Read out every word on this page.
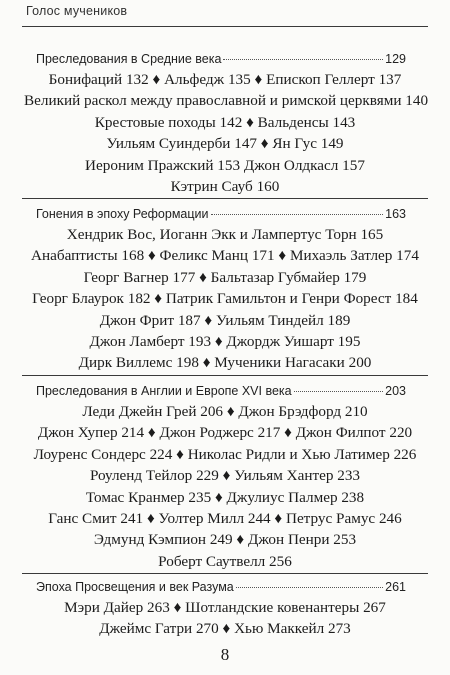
Голос мучеников
Преследования в Средние века	129
Бонифаций 132 ♦ Альфедж 135 ♦ Епископ Геллерт 137
Великий раскол между православной и римской церквями 140
Крестовые походы 142 ♦ Вальденсы 143
Уильям Суиндерби 147 ♦ Ян Гус 149
Иероним Пражский 153 Джон Олдкасл 157
Кэтрин Сауб 160
Гонения в эпоху Реформации	163
Хендрик Вос, Иоганн Экк и Лампертус Торн 165
Анабаптисты 168 ♦ Феликс Манц 171 ♦ Михаэль Затлер 174
Георг Вагнер 177 ♦ Бальтазар Губмайер 179
Георг Блаурок 182 ♦ Патрик Гамильтон и Генри Форест 184
Джон Фрит 187 ♦ Уильям Тиндейл 189
Джон Ламберт 193 ♦ Джордж Уишарт 195
Дирк Виллемс 198 ♦ Мученики Нагасаки 200
Преследования в Англии и Европе XVI века	203
Леди Джейн Грей 206 ♦ Джон Брэдфорд 210
Джон Хупер 214 ♦ Джон Роджерс 217 ♦ Джон Филпот 220
Лоуренс Сондерс 224 ♦ Николас Ридли и Хью Латимер 226
Роуленд Тейлор 229 ♦ Уильям Хантер 233
Томас Кранмер 235 ♦ Джулиус Палмер 238
Ганс Смит 241 ♦ Уолтер Милл 244 ♦ Петрус Рамус 246
Эдмунд Кэмпион 249 ♦ Джон Пенри 253
Роберт Саутвелл 256
Эпоха Просвещения и век Разума	261
Мэри Дайер 263 ♦ Шотландские ковенантеры 267
Джеймс Гатри 270 ♦ Хью Маккейл 273
8
